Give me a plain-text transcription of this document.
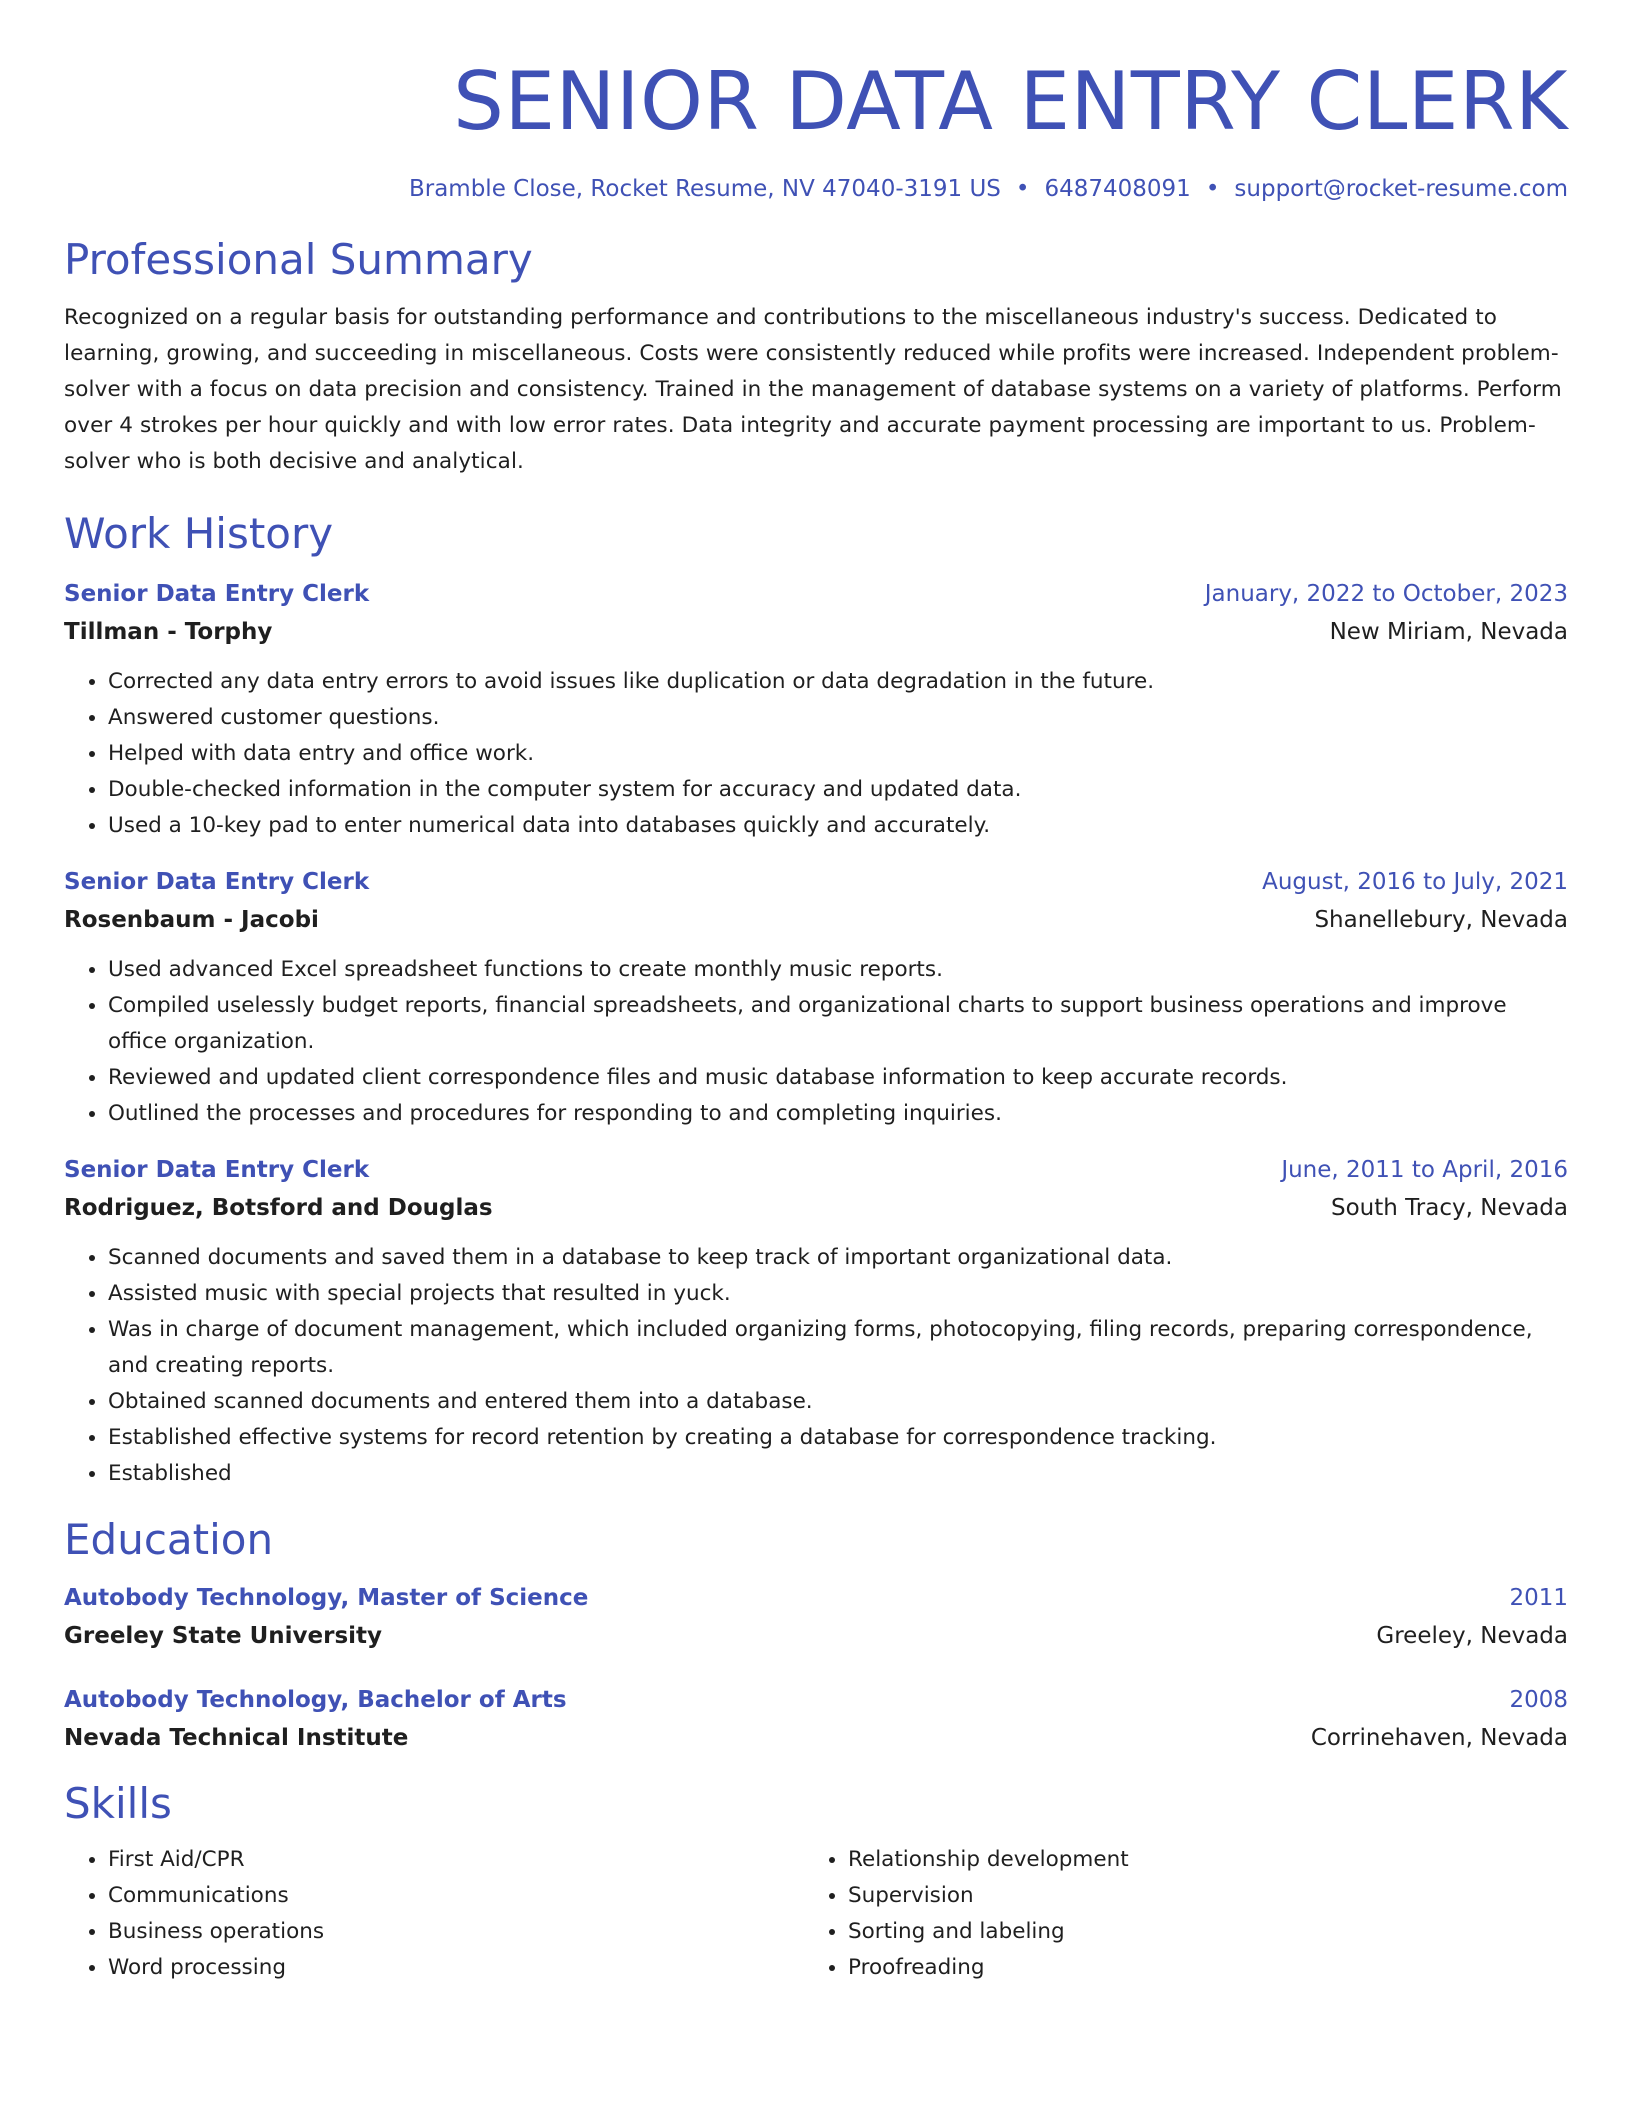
SENIOR DATA ENTRY CLERK
Bramble Close, Rocket Resume, NV 47040-3191 US • 6487408091 • support@rocket-resume.com
Professional Summary
Recognized on a regular basis for outstanding performance and contributions to the miscellaneous industry's success. Dedicated to learning, growing, and succeeding in miscellaneous. Costs were consistently reduced while profits were increased. Independent problem-solver with a focus on data precision and consistency. Trained in the management of database systems on a variety of platforms. Perform over 4 strokes per hour quickly and with low error rates. Data integrity and accurate payment processing are important to us. Problem-solver who is both decisive and analytical.
Work History
Senior Data Entry Clerk	January, 2022 to October, 2023
Tillman - Torphy	New Miriam, Nevada
• Corrected any data entry errors to avoid issues like duplication or data degradation in the future.
• Answered customer questions.
• Helped with data entry and office work.
• Double-checked information in the computer system for accuracy and updated data.
• Used a 10-key pad to enter numerical data into databases quickly and accurately.
Senior Data Entry Clerk	August, 2016 to July, 2021
Rosenbaum - Jacobi	Shanellebury, Nevada
• Used advanced Excel spreadsheet functions to create monthly music reports.
• Compiled uselessly budget reports, financial spreadsheets, and organizational charts to support business operations and improve office organization.
• Reviewed and updated client correspondence files and music database information to keep accurate records.
• Outlined the processes and procedures for responding to and completing inquiries.
Senior Data Entry Clerk	June, 2011 to April, 2016
Rodriguez, Botsford and Douglas	South Tracy, Nevada
• Scanned documents and saved them in a database to keep track of important organizational data.
• Assisted music with special projects that resulted in yuck.
• Was in charge of document management, which included organizing forms, photocopying, filing records, preparing correspondence, and creating reports.
• Obtained scanned documents and entered them into a database.
• Established effective systems for record retention by creating a database for correspondence tracking.
• Established
Education
Autobody Technology, Master of Science	2011
Greeley State University	Greeley, Nevada
Autobody Technology, Bachelor of Arts	2008
Nevada Technical Institute	Corrinehaven, Nevada
Skills
• First Aid/CPR
• Communications
• Business operations
• Word processing
• Relationship development
• Supervision
• Sorting and labeling
• Proofreading
